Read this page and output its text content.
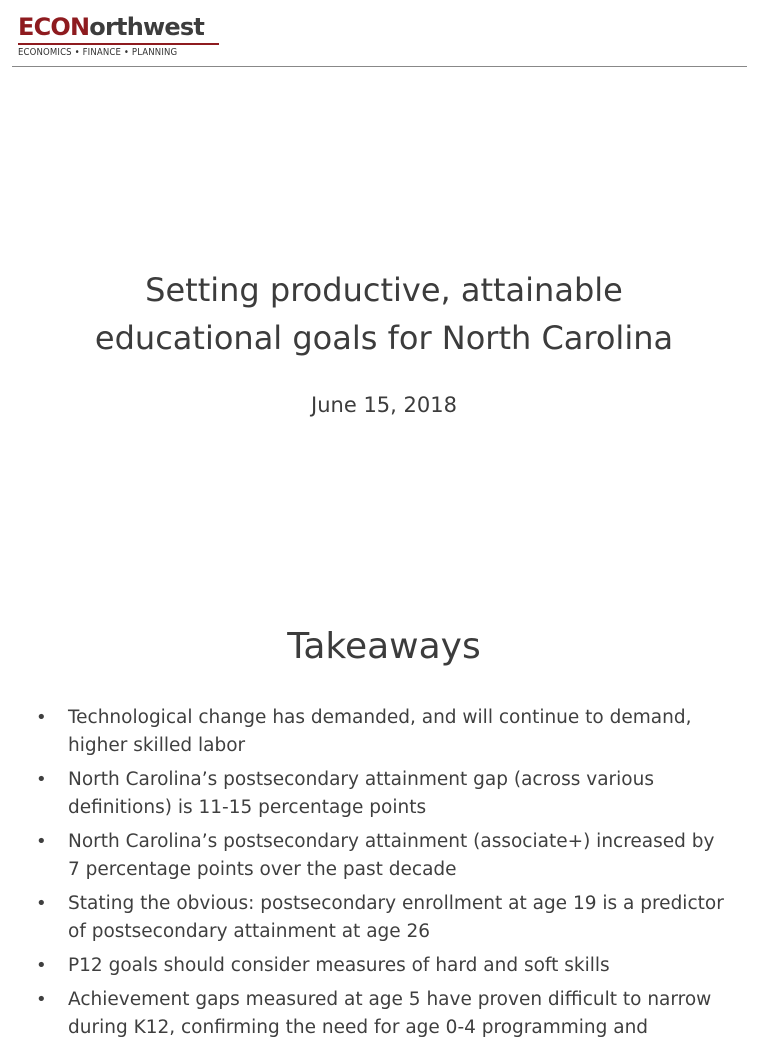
ECONorthwest
ECONOMICS • FINANCE • PLANNING
Setting productive, attainable
educational goals for North Carolina
June 15, 2018
Takeaways
• Technological change has demanded, and will continue to demand,
higher skilled labor
• North Carolina’s postsecondary attainment gap (across various
definitions) is 11-15 percentage points
• North Carolina’s postsecondary attainment (associate+) increased by
7 percentage points over the past decade
• Stating the obvious: postsecondary enrollment at age 19 is a predictor
of postsecondary attainment at age 26
• P12 goals should consider measures of hard and soft skills
• Achievement gaps measured at age 5 have proven difficult to narrow
during K12, confirming the need for age 0-4 programming and
